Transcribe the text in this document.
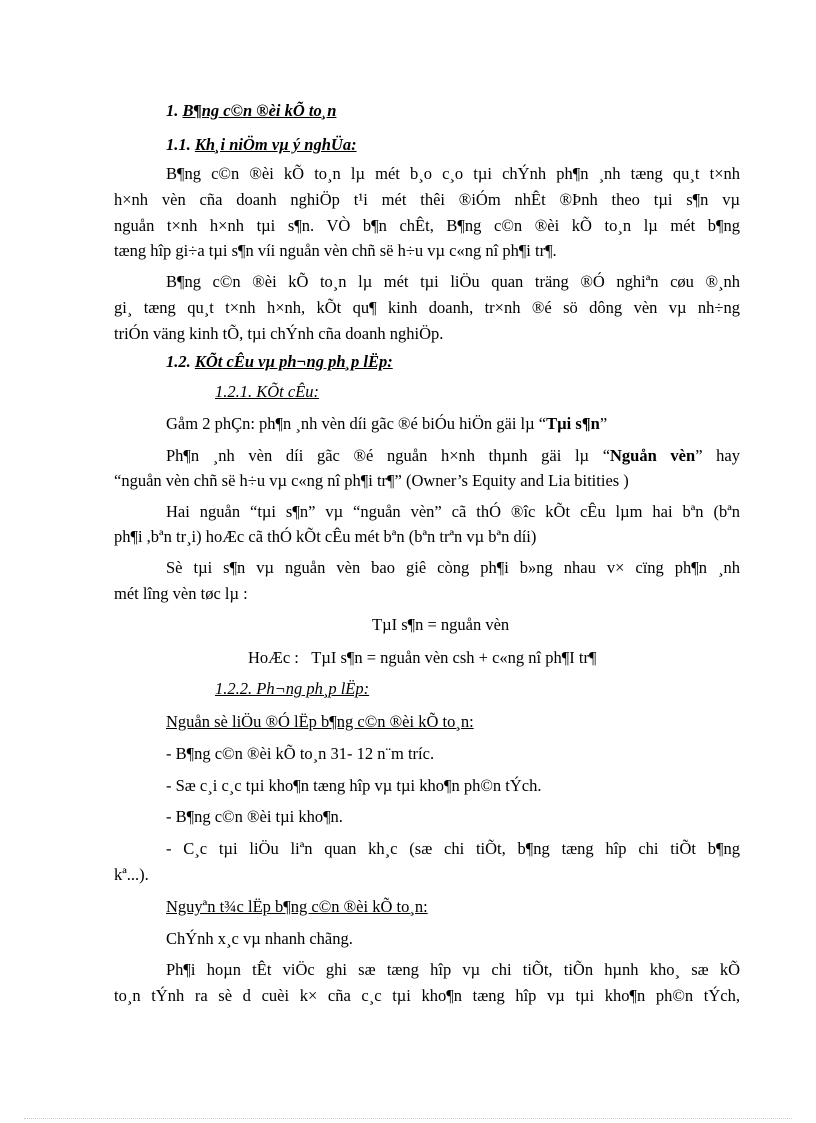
1. B¶ng c©n ®èi kÕ to¸n
1.1. Kh¸i niÖm vµ ý nghÜa:
B¶ng c©n ®èi kÕ to¸n lµ mét b¸o c¸o tµi chÝnh ph¶n ¸nh tæng qu¸t t×nh
h×nh vèn cña doanh nghiÖp t¹i mét thêi ®iÓm nhÊt ®Þnh theo tµi s¶n vµ
nguån t×nh h×nh tµi s¶n. VÒ b¶n chÊt, B¶ng c©n ®èi kÕ to¸n lµ mét b¶ng
tæng hîp gi÷a tµi s¶n víi nguån vèn chñ së h÷u vµ c«ng nî ph¶i tr¶.
B¶ng c©n ®èi kÕ to¸n lµ mét tµi liÖu quan träng ®Ó nghiªn cøu ®¸nh
gi¸ tæng qu¸t t×nh h×nh, kÕt qu¶ kinh doanh, tr×nh ®é sö dông vèn vµ nh÷ng
triÓn väng kinh tÕ, tµi chÝnh cña doanh nghiÖp.
1.2. KÕt cÊu vµ ph¬ng ph¸p lËp:
1.2.1. KÕt cÊu:
Gåm 2 phÇn: ph¶n ¸nh vèn díi gãc ®é biÓu hiÖn gäi lµ “Tµi s¶n”
Ph¶n ¸nh vèn díi gãc ®é nguån h×nh thµnh gäi lµ “Nguån vèn” hay
“nguån vèn chñ së h÷u vµ c«ng nî ph¶i tr¶” (Owner’s Equity and Lia bitities )
Hai nguån “tµi s¶n” vµ “nguån vèn” cã thÓ ®îc kÕt cÊu lµm hai bªn (bªn
ph¶i ,bªn tr¸i) hoÆc cã thÓ kÕt cÊu mét bªn (bªn trªn vµ bªn díi)
Sè tµi s¶n vµ nguån vèn bao giê còng ph¶i b»ng nhau v× cïng ph¶n ¸nh
mét lîng vèn tøc lµ :
TµI s¶n = nguån vèn
HoÆc : TµI s¶n = nguån vèn csh + c«ng nî ph¶I tr¶
1.2.2. Ph¬ng ph¸p lËp:
Nguån sè liÖu ®Ó lËp b¶ng c©n ®èi kÕ to¸n:
- B¶ng c©n ®èi kÕ to¸n 31- 12 n¨m tríc.
- Sæ c¸i c¸c tµi kho¶n tæng hîp vµ tµi kho¶n ph©n tÝch.
- B¶ng c©n ®èi tµi kho¶n.
- C¸c tµi liÖu liªn quan kh¸c (sæ chi tiÕt, b¶ng tæng hîp chi tiÕt b¶ng
kª...).
Nguyªn t¾c lËp b¶ng c©n ®èi kÕ to¸n:
ChÝnh x¸c vµ nhanh chãng.
Ph¶i hoµn tÊt viÖc ghi sæ tæng hîp vµ chi tiÕt, tiÕn hµnh kho¸ sæ kÕ
to¸n tÝnh ra sè d cuèi k× cña c¸c tµi kho¶n tæng hîp vµ tµi kho¶n ph©n tÝch,
